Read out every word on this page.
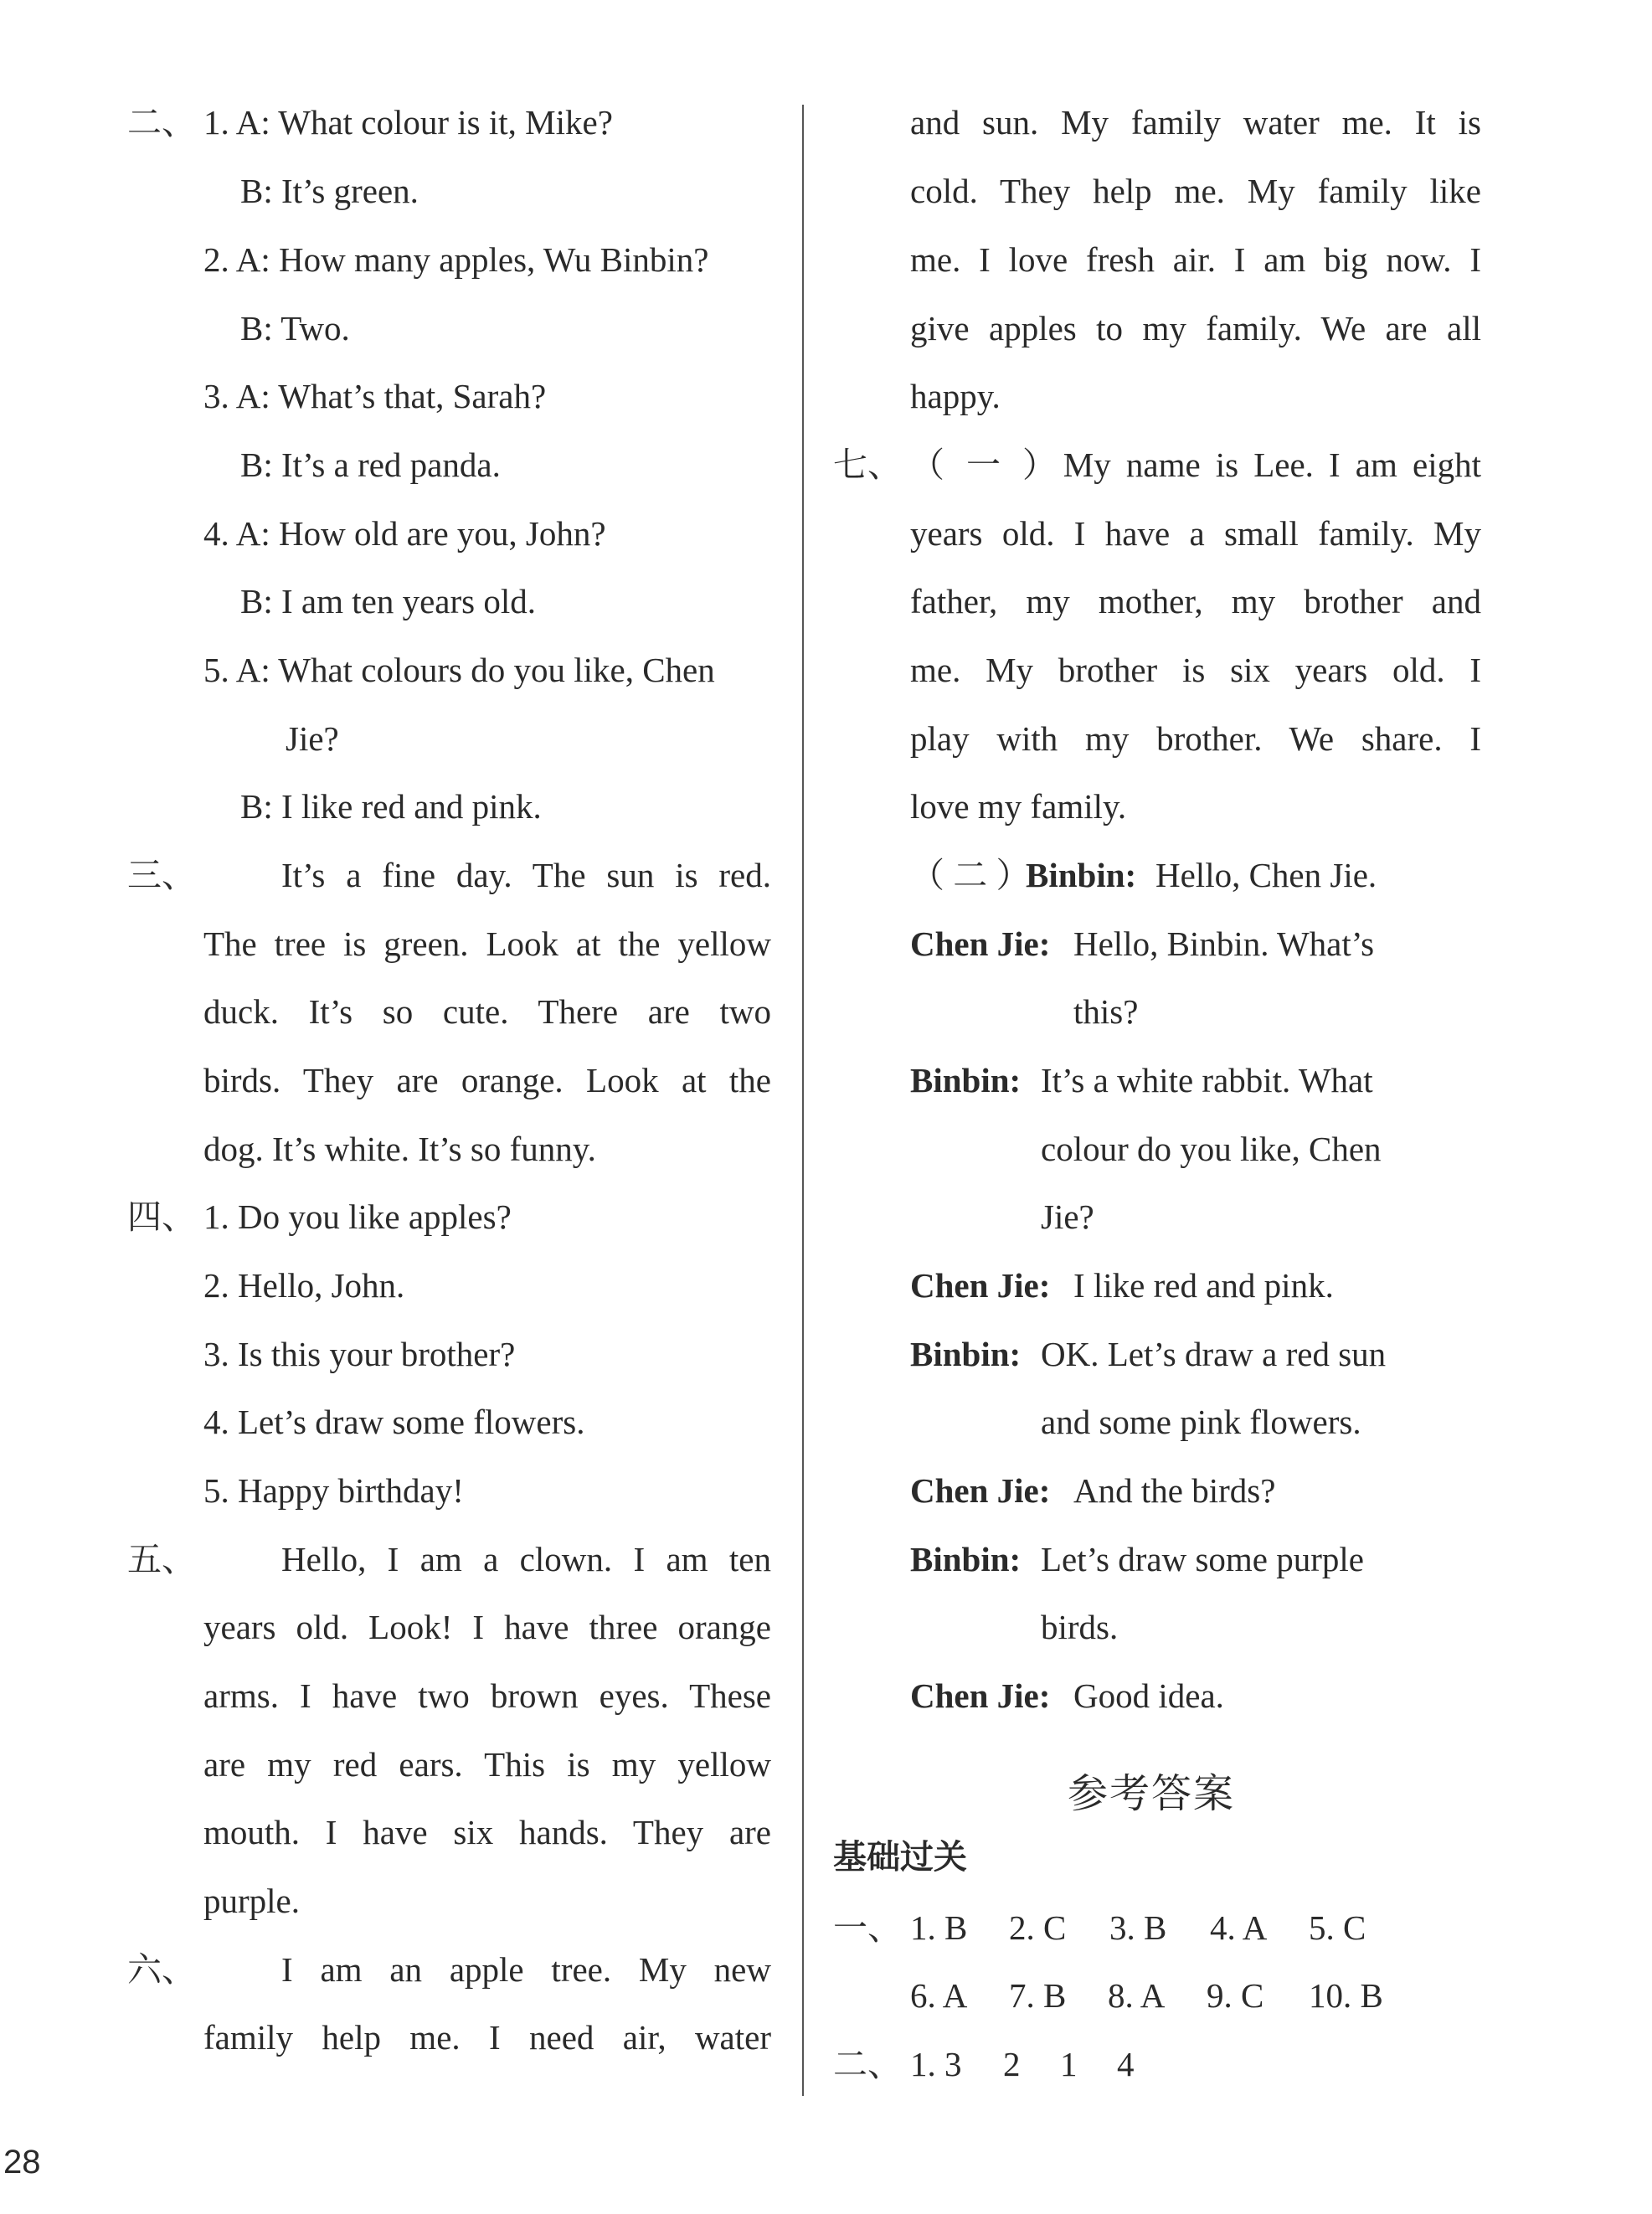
二、 1. A: What colour is it, Mike?
B: It’s green.
2. A: How many apples, Wu Binbin?
B: Two.
3. A: What’s that, Sarah?
B: It’s a red panda.
4. A: How old are you, John?
B: I am ten years old.
5. A: What colours do you like, Chen
Jie?
B: I like red and pink.
三、 It’s a fine day. The sun is red.
The tree is green. Look at the yellow
duck. It’s so cute. There are two
birds. They are orange. Look at the
dog. It’s white. It’s so funny.
四、 1. Do you like apples?
2. Hello, John.
3. Is this your brother?
4. Let’s draw some flowers.
5. Happy birthday!
五、 Hello, I am a clown. I am ten
years old. Look! I have three orange
arms. I have two brown eyes. These
are my red ears. This is my yellow
mouth. I have six hands. They are
purple.
六、 I am an apple tree. My new
family help me. I need air, water
and sun. My family water me. It is
cold. They help me. My family like
me. I love fresh air. I am big now. I
give apples to my family. We are all
happy.
七、 （ 一 ）My name is Lee. I am eight
years old. I have a small family. My
father, my mother, my brother and
me. My brother is six years old. I
play with my brother. We share. I
love my family.
（ 二 ）
Binbin: Hello, Chen Jie.
Chen Jie: Hello, Binbin. What’s
this?
Binbin: It’s a white rabbit. What
colour do you like, Chen
Jie?
Chen Jie: I like red and pink.
Binbin: OK. Let’s draw a red sun
and some pink flowers.
Chen Jie: And the birds?
Binbin: Let’s draw some purple
birds.
Chen Jie: Good idea.
参考答案
基础过关
一、 1. B 2. C 3. B 4. A 5. C
6. A 7. B 8. A 9. C 10. B
二、 1. 3 2 1 4
28
